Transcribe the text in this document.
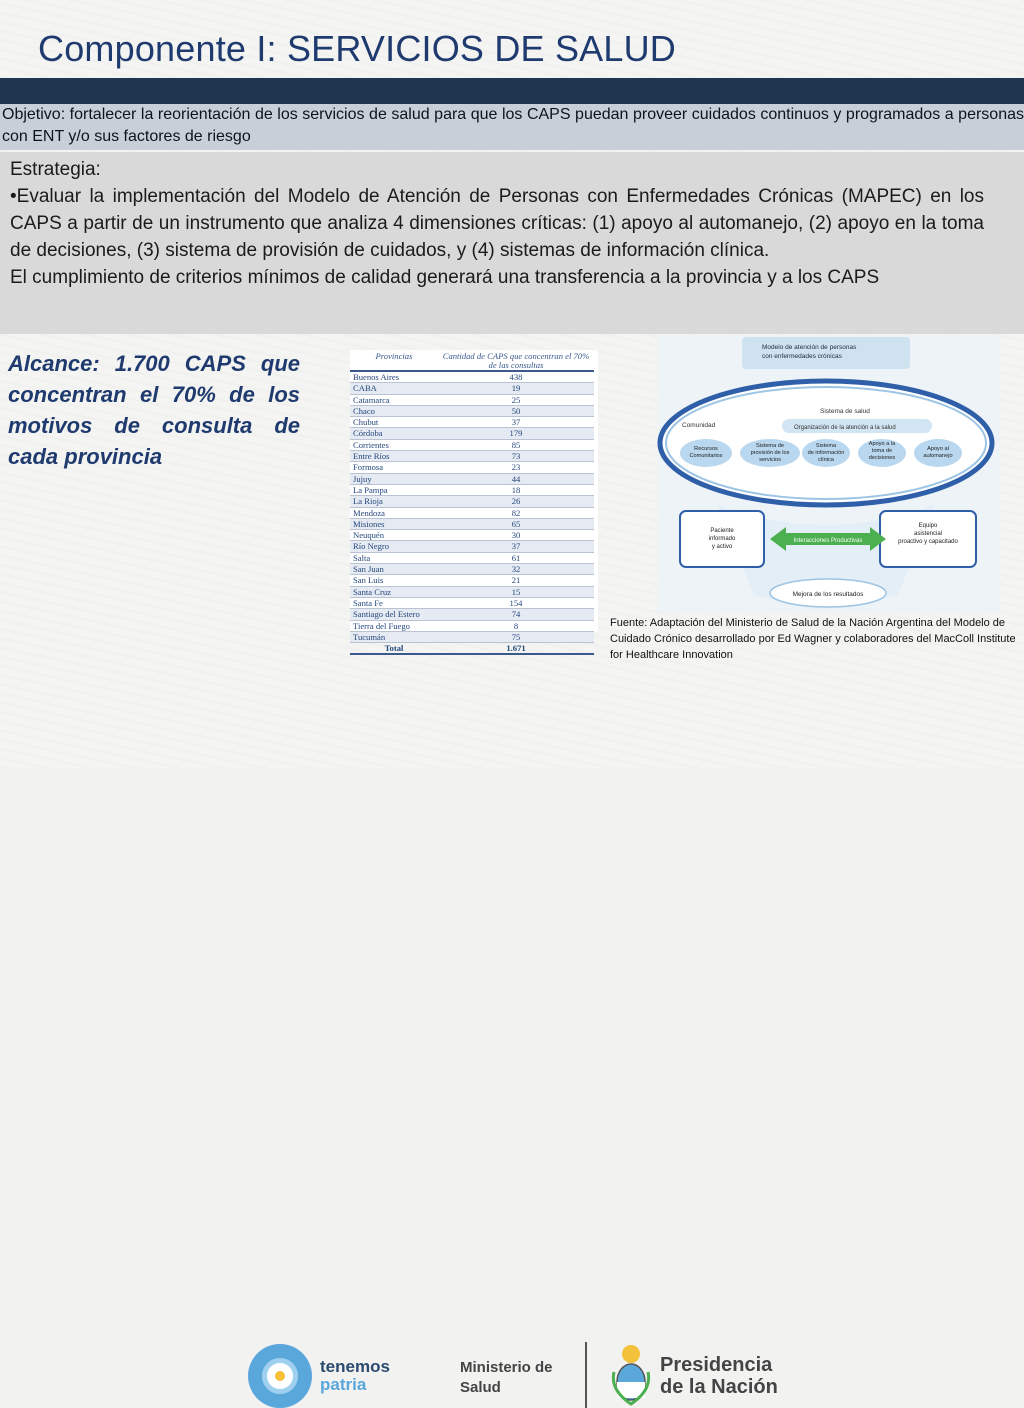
Componente I: SERVICIOS DE SALUD
Objetivo: fortalecer la reorientación de los servicios de salud para que los CAPS puedan proveer cuidados continuos y programados a personas con ENT y/o sus factores de riesgo

Estrategia:

•Evaluar la implementación del Modelo de Atención de Personas con Enfermedades Crónicas (MAPEC) en los CAPS a partir de un instrumento que analiza 4 dimensiones críticas: (1) apoyo al automanejo, (2) apoyo en la toma de decisiones, (3) sistema de provisión de cuidados, y (4) sistemas de información clínica.

El cumplimiento de criterios mínimos de calidad generará una transferencia a la provincia y a los CAPS

Alcance: 1.700 CAPS que concentran el 70% de los motivos de consulta de cada provincia
Provincias	Cantidad de CAPS que concentran el 70% de las consultas
Buenos Aires	438
CABA	19
Catamarca	25
Chaco	50
Chubut	37
Córdoba	179
Corrientes	85
Entre Ríos	73
Formosa	23
Jujuy	44
La Pampa	18
La Rioja	26
Mendoza	82
Misiones	65
Neuquén	30
Río Negro	37
Salta	61
San Juan	32
San Luis	21
Santa Cruz	15
Santa Fe	154
Santiago del Estero	74
Tierra del Fuego	8
Tucumán	75
Total	1.671
Modelo de atención de personas
con enfermedades crónicas
Comunidad
Sistema de salud
Organización de la atención a la salud
Recursos
Comunitarios
Sistema de
provisión de los
servicios
Sistema
de información
clínica
Apoyo a la
toma de
decisiones
Apoyo al
automanejo
Paciente
informado
y activo
Equipo
asistencial
proactivo y capacitado
Interacciones Productivas
Mejora de los resultados
Fuente: Adaptación del Ministerio de Salud de la Nación Argentina del Modelo de Cuidado Crónico desarrollado por Ed Wagner y colaboradores del MacColl Institute for Healthcare Innovation
tenemos
patria
Ministerio de
Salud
Presidencia
de la Nación
